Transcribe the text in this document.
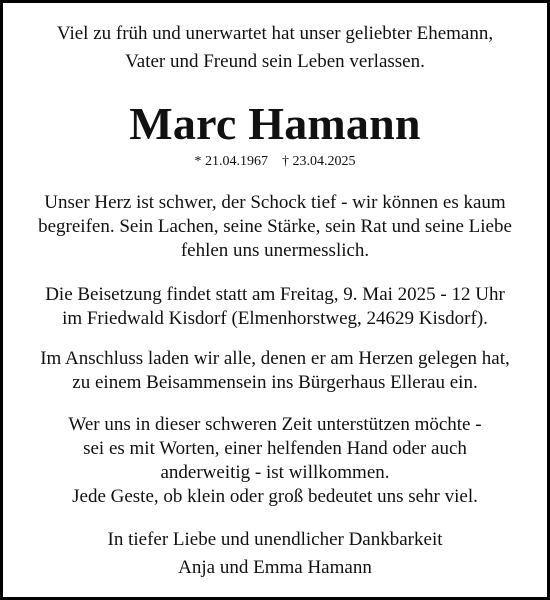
Viel zu früh und unerwartet hat unser geliebter Ehemann,
Vater und Freund sein Leben verlassen.
Marc Hamann
* 21.04.1967 † 23.04.2025
Unser Herz ist schwer, der Schock tief - wir können es kaum
begreifen. Sein Lachen, seine Stärke, sein Rat und seine Liebe
fehlen uns unermesslich.
Die Beisetzung findet statt am Freitag, 9. Mai 2025 - 12 Uhr
im Friedwald Kisdorf (Elmenhorstweg, 24629 Kisdorf).
Im Anschluss laden wir alle, denen er am Herzen gelegen hat,
zu einem Beisammensein ins Bürgerhaus Ellerau ein.
Wer uns in dieser schweren Zeit unterstützen möchte -
sei es mit Worten, einer helfenden Hand oder auch
anderweitig - ist willkommen.
Jede Geste, ob klein oder groß bedeutet uns sehr viel.
In tiefer Liebe und unendlicher Dankbarkeit
Anja und Emma Hamann
